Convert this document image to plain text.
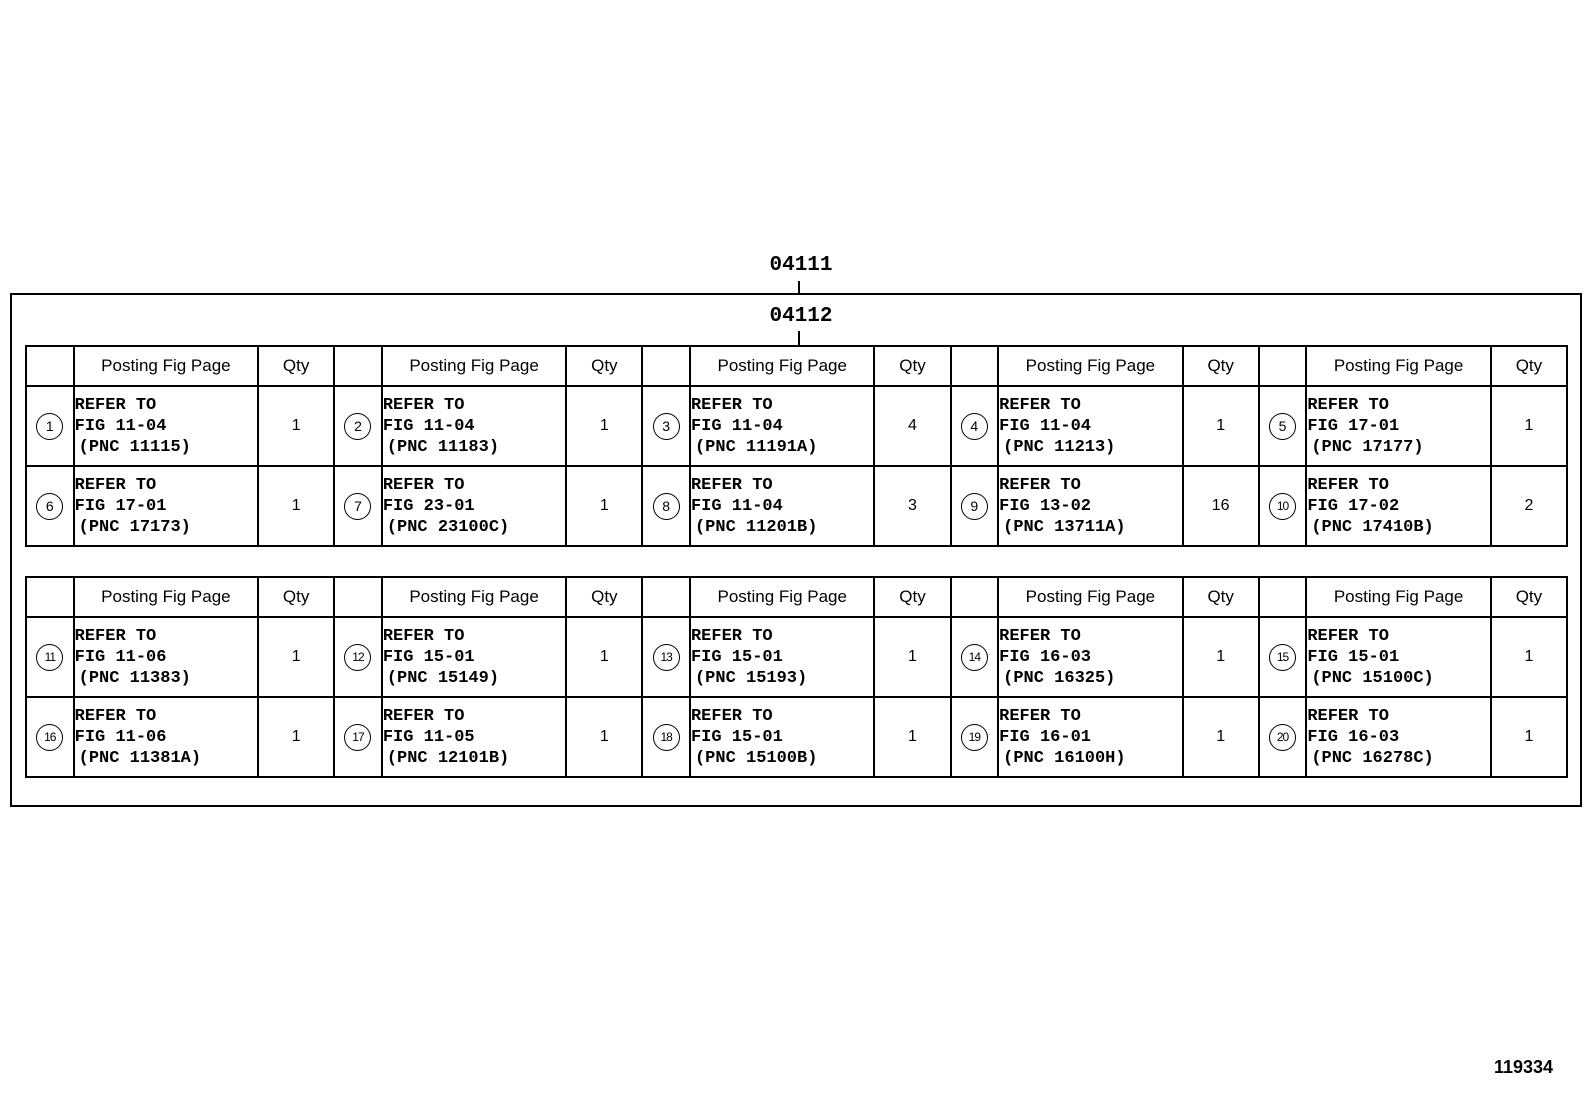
04111
04112
	Posting Fig Page	Qty		Posting Fig Page	Qty		Posting Fig Page	Qty		Posting Fig Page	Qty		Posting Fig Page	Qty
1	REFER TO
FIG 11-04
(PNC 11115)	1	2	REFER TO
FIG 11-04
(PNC 11183)	1	3	REFER TO
FIG 11-04
(PNC 11191A)	4	4	REFER TO
FIG 11-04
(PNC 11213)	1	5	REFER TO
FIG 17-01
(PNC 17177)	1
6	REFER TO
FIG 17-01
(PNC 17173)	1	7	REFER TO
FIG 23-01
(PNC 23100C)	1	8	REFER TO
FIG 11-04
(PNC 11201B)	3	9	REFER TO
FIG 13-02
(PNC 13711A)	16	10	REFER TO
FIG 17-02
(PNC 17410B)	2
	Posting Fig Page	Qty		Posting Fig Page	Qty		Posting Fig Page	Qty		Posting Fig Page	Qty		Posting Fig Page	Qty
11	REFER TO
FIG 11-06
(PNC 11383)	1	12	REFER TO
FIG 15-01
(PNC 15149)	1	13	REFER TO
FIG 15-01
(PNC 15193)	1	14	REFER TO
FIG 16-03
(PNC 16325)	1	15	REFER TO
FIG 15-01
(PNC 15100C)	1
16	REFER TO
FIG 11-06
(PNC 11381A)	1	17	REFER TO
FIG 11-05
(PNC 12101B)	1	18	REFER TO
FIG 15-01
(PNC 15100B)	1	19	REFER TO
FIG 16-01
(PNC 16100H)	1	20	REFER TO
FIG 16-03
(PNC 16278C)	1
119334
